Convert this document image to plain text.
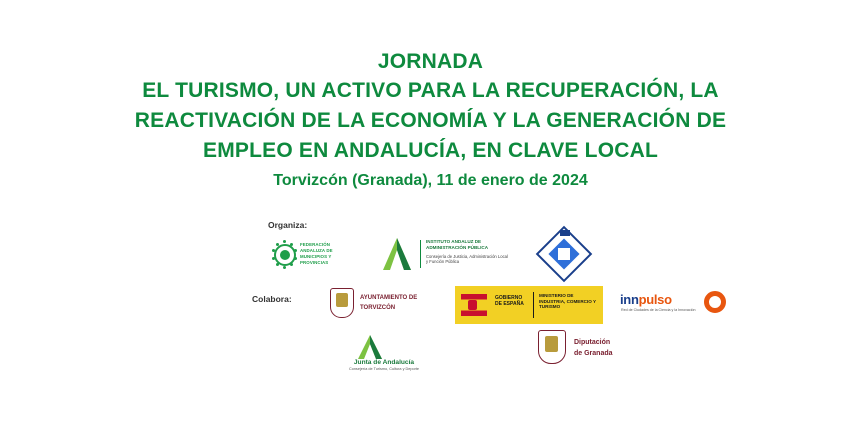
JORNADA
EL TURISMO, UN ACTIVO PARA LA RECUPERACIÓN, LA
REACTIVACIÓN DE LA ECONOMÍA Y LA GENERACIÓN DE
EMPLEO EN ANDALUCÍA, EN CLAVE LOCAL
Torvizcón (Granada), 11 de enero de 2024
Organiza:
Colabora:
FEDERACIÓN ANDALUZA DE MUNICIPIOS Y PROVINCIAS
INSTITUTO ANDALUZ DE ADMINISTRACIÓN PÚBLICA
Consejería de Justicia, Administración Local y Función Pública
AYUNTAMIENTO DE
TORVIZCÓN
GOBIERNO DE ESPAÑA
MINISTERIO DE INDUSTRIA, COMERCIO Y TURISMO	innpulso
Red de Ciudades de la Ciencia y la Innovación
Junta de Andalucía
Consejería de Turismo, Cultura y Deporte
Diputación
de Granada
